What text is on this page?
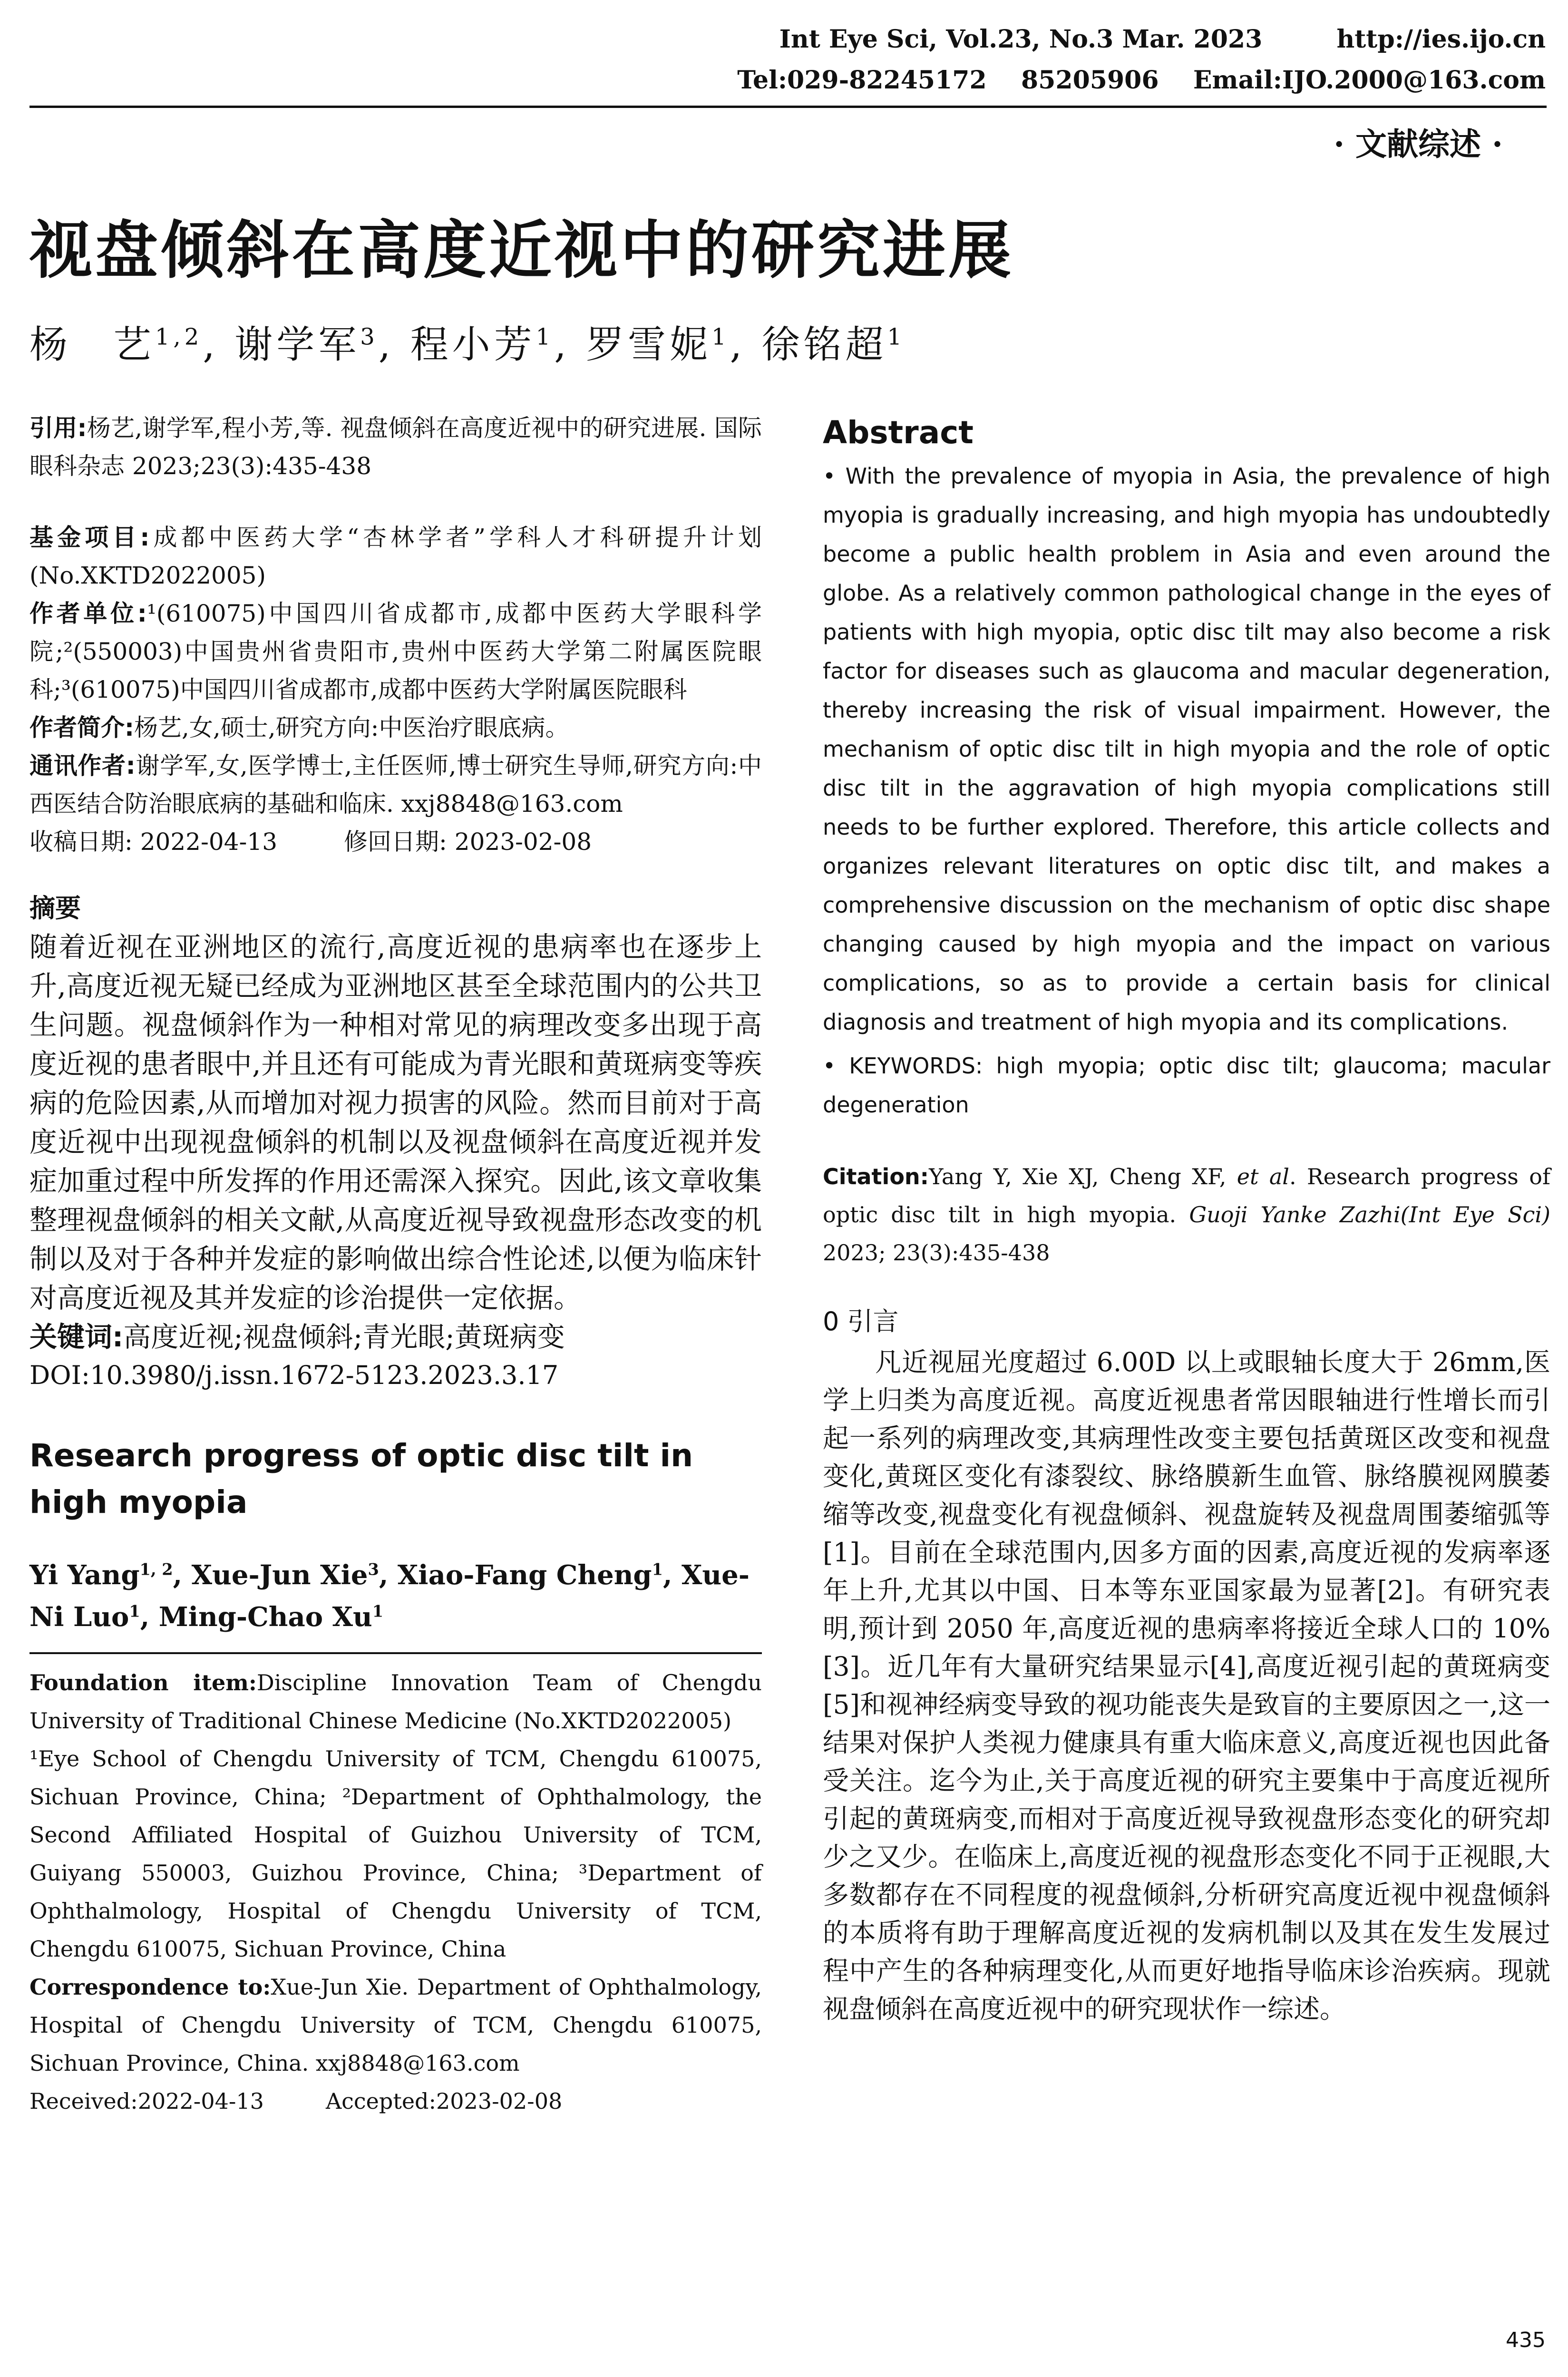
Int Eye Sci, Vol.23, No.3 Mar. 2023	http://ies.ijo.cn
Tel:029-82245172    85205906    Email:IJO.2000@163.com
· 文献综述 ·
视盘倾斜在高度近视中的研究进展
杨　艺$^{1,2}$, 谢学军$^3$, 程小芳$^1$, 罗雪妮$^1$, 徐铭超$^1$

引用:杨艺,谢学军,程小芳,等. 视盘倾斜在高度近视中的研究进展. 国际眼科杂志 2023;23(3):435-438

基金项目:成都中医药大学“杏林学者”学科人才科研提升计划(No.XKTD2022005)

作者单位:¹(610075)中国四川省成都市,成都中医药大学眼科学院;²(550003)中国贵州省贵阳市,贵州中医药大学第二附属医院眼科;³(610075)中国四川省成都市,成都中医药大学附属医院眼科

作者简介:杨艺,女,硕士,研究方向:中医治疗眼底病。

通讯作者:谢学军,女,医学博士,主任医师,博士研究生导师,研究方向:中西医结合防治眼底病的基础和临床. xxj8848@163.com

收稿日期: 2022-04-13	修回日期: 2023-02-08

摘要

随着近视在亚洲地区的流行,高度近视的患病率也在逐步上升,高度近视无疑已经成为亚洲地区甚至全球范围内的公共卫生问题。视盘倾斜作为一种相对常见的病理改变多出现于高度近视的患者眼中,并且还有可能成为青光眼和黄斑病变等疾病的危险因素,从而增加对视力损害的风险。然而目前对于高度近视中出现视盘倾斜的机制以及视盘倾斜在高度近视并发症加重过程中所发挥的作用还需深入探究。因此,该文章收集整理视盘倾斜的相关文献,从高度近视导致视盘形态改变的机制以及对于各种并发症的影响做出综合性论述,以便为临床针对高度近视及其并发症的诊治提供一定依据。

关键词:高度近视;视盘倾斜;青光眼;黄斑病变

DOI:10.3980/j.issn.1672-5123.2023.3.17

Research progress of optic disc tilt in high myopia

Yi Yang$^{1, 2}$, Xue-Jun Xie$^3$, Xiao-Fang Cheng$^1$, Xue-Ni Luo$^1$, Ming-Chao Xu$^1$

Foundation item:Discipline Innovation Team of Chengdu University of Traditional Chinese Medicine (No.XKTD2022005)

¹Eye School of Chengdu University of TCM, Chengdu 610075, Sichuan Province, China; ²Department of Ophthalmology, the Second Affiliated Hospital of Guizhou University of TCM, Guiyang 550003, Guizhou Province, China; ³Department of Ophthalmology, Hospital of Chengdu University of TCM, Chengdu 610075, Sichuan Province, China

Correspondence to:Xue-Jun Xie. Department of Ophthalmology, Hospital of Chengdu University of TCM, Chengdu 610075, Sichuan Province, China. xxj8848@163.com

Received:2022-04-13	Accepted:2023-02-08

Abstract

• With the prevalence of myopia in Asia, the prevalence of high myopia is gradually increasing, and high myopia has undoubtedly become a public health problem in Asia and even around the globe. As a relatively common pathological change in the eyes of patients with high myopia, optic disc tilt may also become a risk factor for diseases such as glaucoma and macular degeneration, thereby increasing the risk of visual impairment. However, the mechanism of optic disc tilt in high myopia and the role of optic disc tilt in the aggravation of high myopia complications still needs to be further explored. Therefore, this article collects and organizes relevant literatures on optic disc tilt, and makes a comprehensive discussion on the mechanism of optic disc shape changing caused by high myopia and the impact on various complications, so as to provide a certain basis for clinical diagnosis and treatment of high myopia and its complications.

• KEYWORDS: high myopia; optic disc tilt; glaucoma; macular degeneration

Citation:Yang Y, Xie XJ, Cheng XF, et al. Research progress of optic disc tilt in high myopia. Guoji Yanke Zazhi(Int Eye Sci) 2023; 23(3):435-438

0 引言

凡近视屈光度超过 6.00D 以上或眼轴长度大于 26mm,医学上归类为高度近视。高度近视患者常因眼轴进行性增长而引起一系列的病理改变,其病理性改变主要包括黄斑区改变和视盘变化,黄斑区变化有漆裂纹、脉络膜新生血管、脉络膜视网膜萎缩等改变,视盘变化有视盘倾斜、视盘旋转及视盘周围萎缩弧等[1]。目前在全球范围内,因多方面的因素,高度近视的发病率逐年上升,尤其以中国、日本等东亚国家最为显著[2]。有研究表明,预计到 2050 年,高度近视的患病率将接近全球人口的 10%[3]。近几年有大量研究结果显示[4],高度近视引起的黄斑病变[5]和视神经病变导致的视功能丧失是致盲的主要原因之一,这一结果对保护人类视力健康具有重大临床意义,高度近视也因此备受关注。迄今为止,关于高度近视的研究主要集中于高度近视所引起的黄斑病变,而相对于高度近视导致视盘形态变化的研究却少之又少。在临床上,高度近视的视盘形态变化不同于正视眼,大多数都存在不同程度的视盘倾斜,分析研究高度近视中视盘倾斜的本质将有助于理解高度近视的发病机制以及其在发生发展过程中产生的各种病理变化,从而更好地指导临床诊治疾病。现就视盘倾斜在高度近视中的研究现状作一综述。

435
